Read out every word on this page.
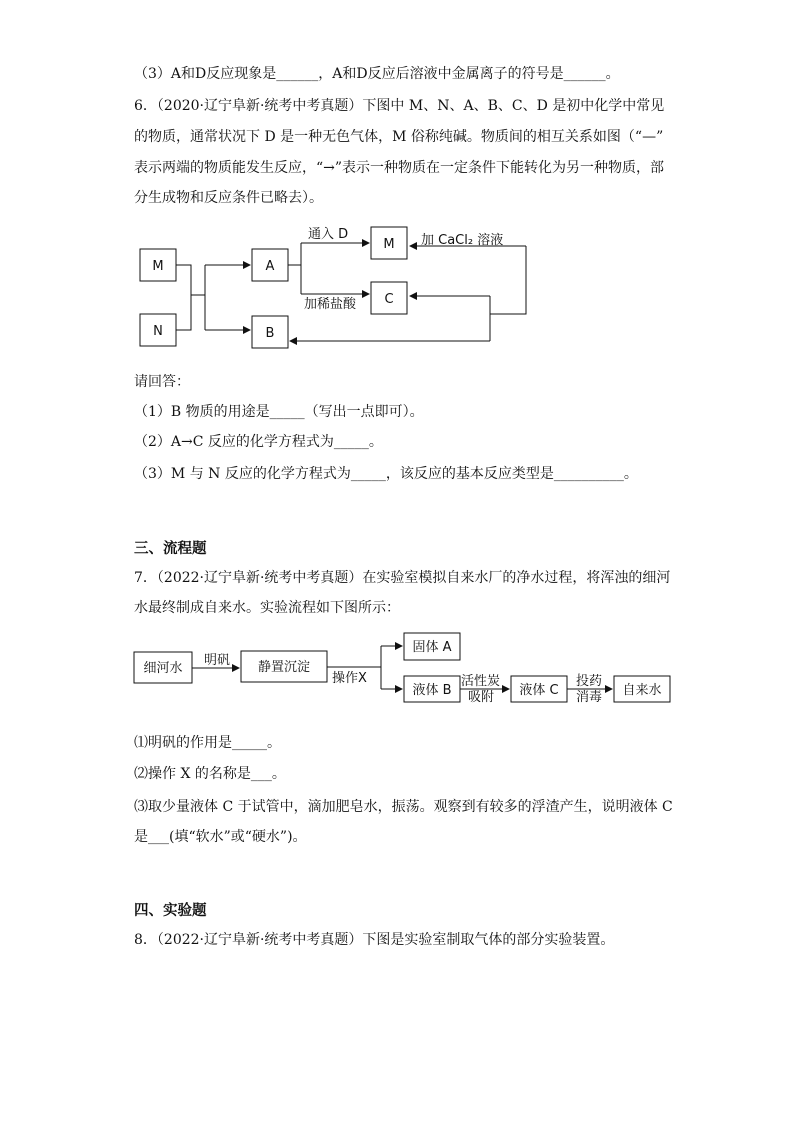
（3）A和D反应现象是______，A和D反应后溶液中金属离子的符号是______。
6．（2020·辽宁阜新·统考中考真题）下图中 M、N、A、B、C、D 是初中化学中常见
的物质，通常状况下 D 是一种无色气体，M 俗称纯碱。物质间的相互关系如图（“—”
表示两端的物质能发生反应，“→”表示一种物质在一定条件下能转化为另一种物质，部
分生成物和反应条件已略去）。
M
N
A
B
M
C
通入 D	加 CaCl₂ 溶液
加稀盐酸
请回答：
（1）B 物质的用途是_____（写出一点即可）。
（2）A→C 反应的化学方程式为_____。
（3）M 与 N 反应的化学方程式为_____，该反应的基本反应类型是__________。
三、流程题
7．（2022·辽宁阜新·统考中考真题）在实验室模拟自来水厂的净水过程，将浑浊的细河
水最终制成自来水。实验流程如下图所示：
细河水
明矾 静置沉淀
操作X
固体 A
液体 B
活性炭
吸附 液体 C
投药
消毒 自来水
⑴明矾的作用是_____。
⑵操作 X 的名称是___。
⑶取少量液体 C 于试管中，滴加肥皂水，振荡。观察到有较多的浮渣产生，说明液体 C
是___(填“软水”或“硬水”)。
四、实验题
8．（2022·辽宁阜新·统考中考真题）下图是实验室制取气体的部分实验装置。
